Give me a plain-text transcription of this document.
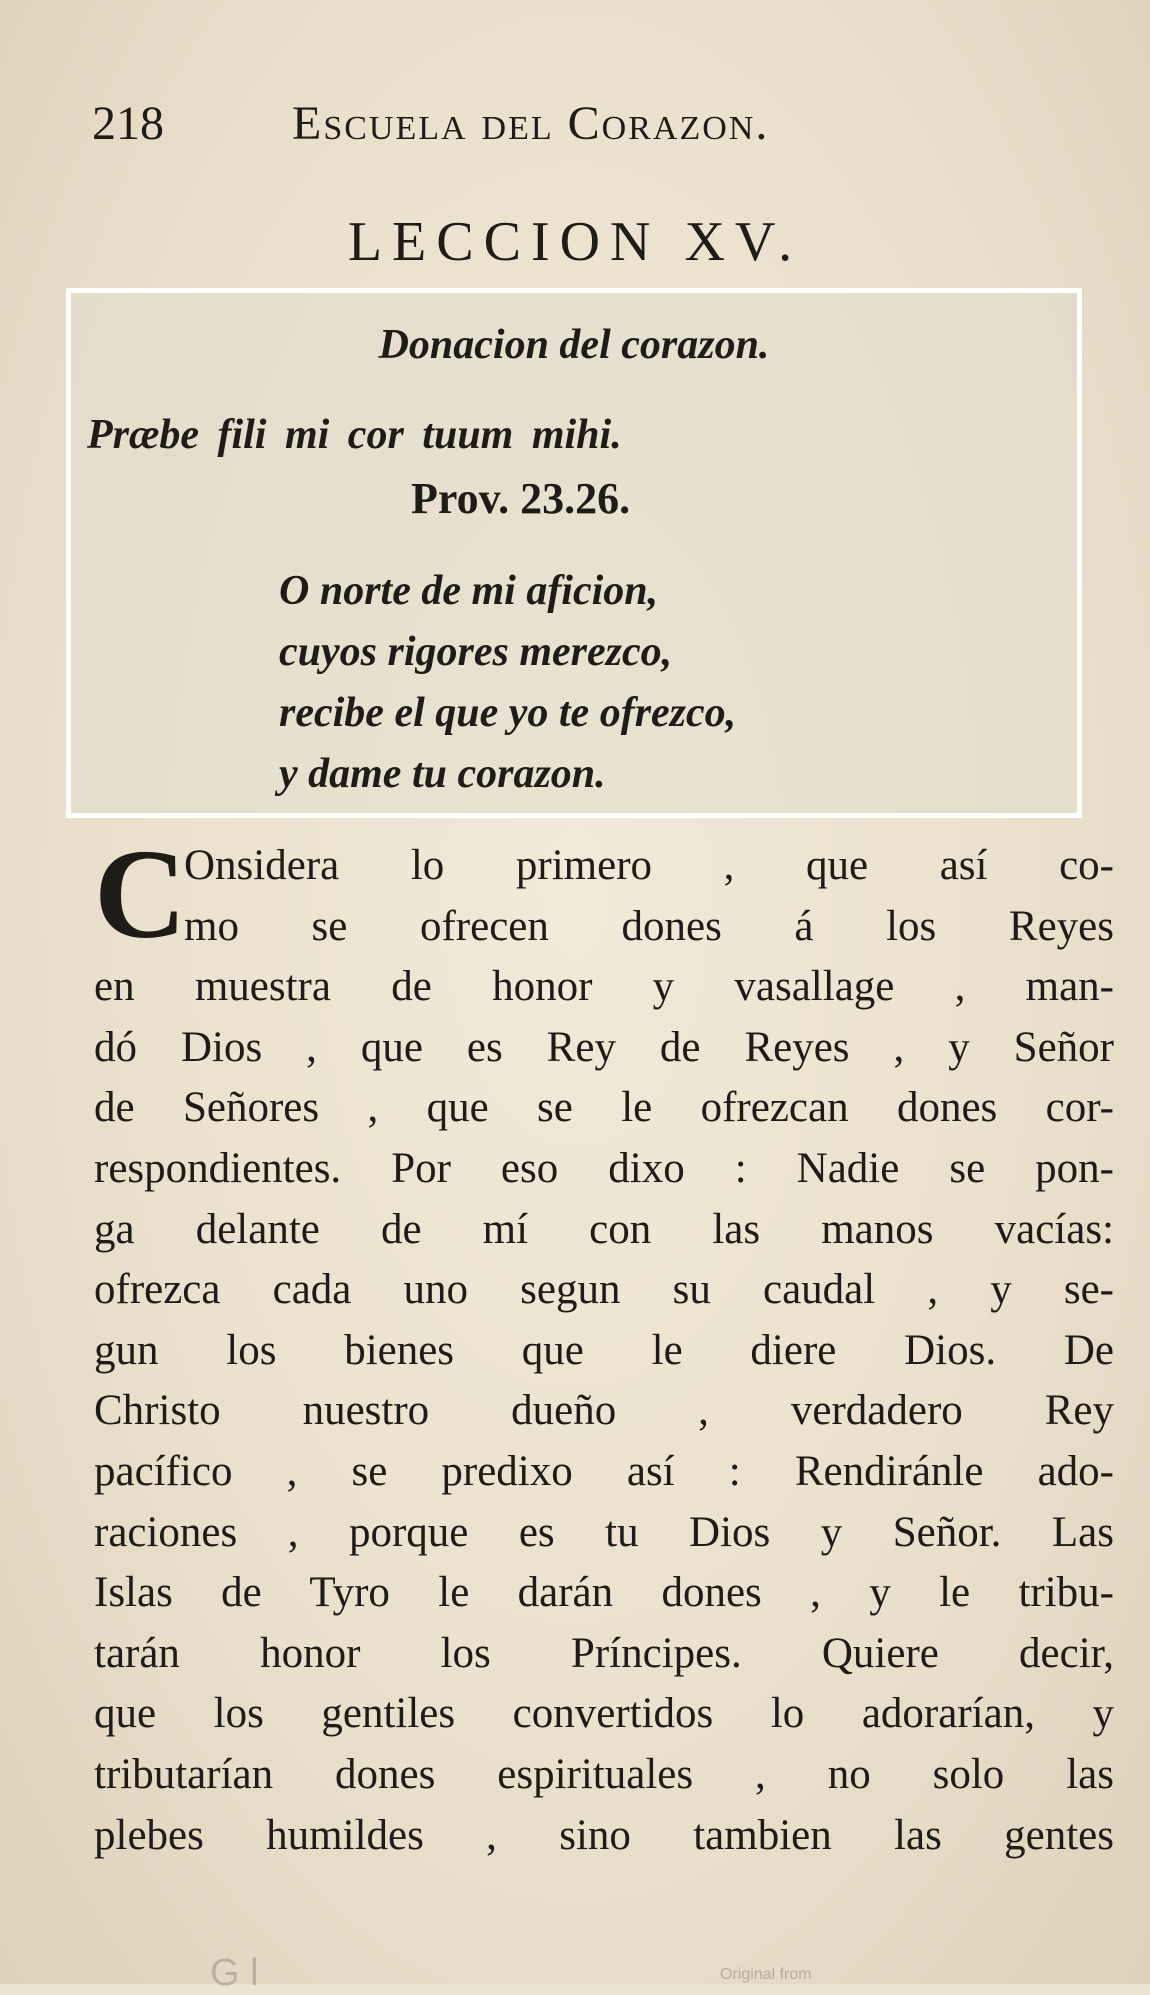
218	Escuela del Corazon.
LECCION XV.
Donacion del corazon.
Præbe fili mi cor tuum mihi.
Prov. 23.26.
O norte de mi aficion,
cuyos rigores merezco,
recibe el que yo te ofrezco,
y dame tu corazon.
C
Onsidera lo primero , que así co-
mo se ofrecen dones á los Reyes
en muestra de honor y vasallage , man-
dó Dios , que es Rey de Reyes , y Señor
de Señores , que se le ofrezcan dones cor-
respondientes. Por eso dixo : Nadie se pon-
ga delante de mí con las manos vacías:
ofrezca cada uno segun su caudal , y se-
gun los bienes que le diere Dios. De
Christo nuestro dueño , verdadero Rey
pacífico , se predixo así : Rendiránle ado-
raciones , porque es tu Dios y Señor. Las
Islas de Tyro le darán dones , y le tribu-
tarán honor los Príncipes. Quiere decir,
que los gentiles convertidos lo adorarían, y
tributarían dones espirituales , no solo las
plebes humildes , sino tambien las gentes
G l	Original from
